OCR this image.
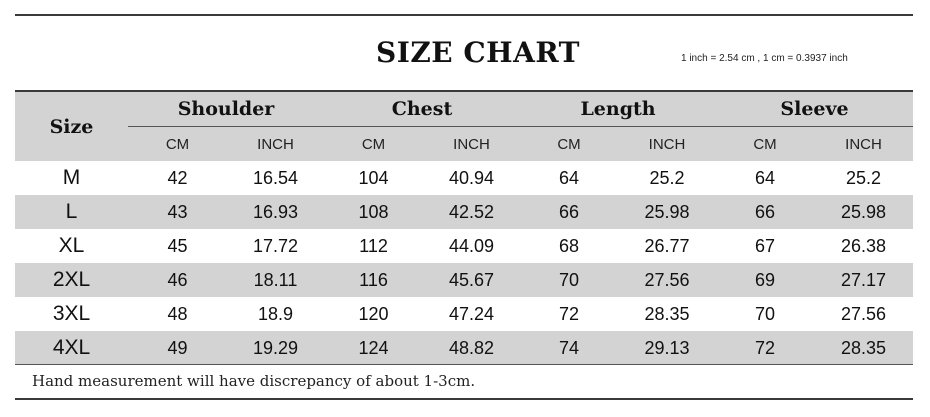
SIZE CHART	1 inch = 2.54 cm , 1 cm = 0.3937 inch
Size	Shoulder		Chest		Length		Sleeve	
	CM	INCH	CM	INCH	CM	INCH	CM	INCH
M	42	16.54	104	40.94	64	25.2	64	25.2
L	43	16.93	108	42.52	66	25.98	66	25.98
XL	45	17.72	112	44.09	68	26.77	67	26.38
2XL	46	18.11	116	45.67	70	27.56	69	27.17
3XL	48	18.9	120	47.24	72	28.35	70	27.56
4XL	49	19.29	124	48.82	74	29.13	72	28.35
Hand measurement will have discrepancy of about 1-3cm.
